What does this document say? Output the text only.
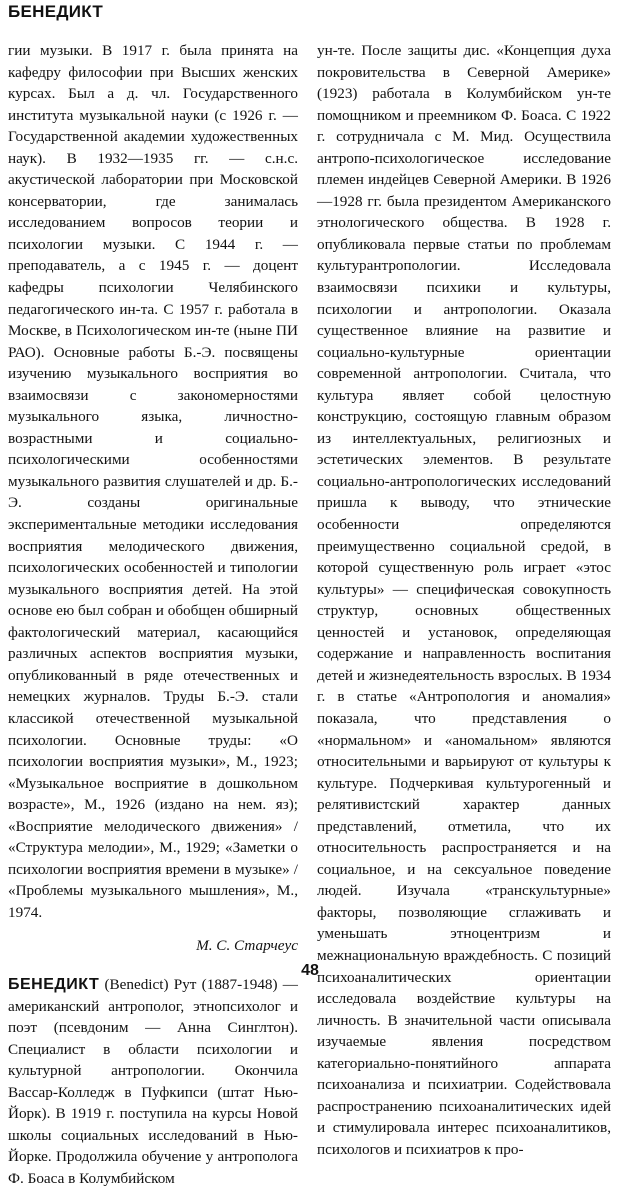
БЕНЕДИКТ

гии музыки. В 1917 г. была принята на кафедру философии при Высших женских курсах. Был а д. чл. Государственного института музыкальной науки (с 1926 г. — Государственной академии художественных наук). В 1932—1935 гг. — с.н.с. акустической лаборатории при Московской консерватории, где занималась исследованием вопросов теории и психологии музыки. С 1944 г. — преподаватель, а с 1945 г. — доцент кафедры психологии Челябинского педагогического ин-та. С 1957 г. работала в Москве, в Психологическом ин-те (ныне ПИ РАО). Основные работы Б.-Э. посвящены изучению музыкального восприятия во взаимосвязи с закономерностями музыкального языка, личностно-возрастными и социально-психологическими особенностями музыкального развития слушателей и др. Б.-Э. созданы оригинальные экспериментальные методики исследования восприятия мелодического движения, психологических особенностей и типологии музыкального восприятия детей. На этой основе ею был собран и обобщен обширный фактологический материал, касающийся различных аспектов восприятия музыки, опубликованный в ряде отечественных и немецких журналов. Труды Б.-Э. стали классикой отечественной музыкальной психологии. Основные труды: «О психологии восприятия музыки», М., 1923; «Музыкальное восприятие в дошкольном возрасте», М., 1926 (издано на нем. яз); «Восприятие мелодического движения» / «Структура мелодии», М., 1929; «Заметки о психологии восприятия времени в музыке» / «Проблемы музыкального мышления», М., 1974.

М. С. Старчеус

БЕНЕДИКТ (Benedict) Рут (1887-1948) — американский антрополог, этнопсихолог и поэт (псевдоним — Анна Синглтон). Специалист в области психологии и культурной антропологии. Окончила Вассар-Колледж в Пуфкипси (штат Нью-Йорк). В 1919 г. поступила на курсы Новой школы социальных исследований в Нью-Йорке. Продолжила обучение у антрополога Ф. Боаса в Колумбийском

ун-те. После защиты дис. «Концепция духа покровительства в Северной Америке» (1923) работала в Колумбийском ун-те помощником и преемником Ф. Боаса. С 1922 г. сотрудничала с М. Мид. Осуществила антропо-психологическое исследование племен индейцев Северной Америки. В 1926—1928 гг. была президентом Американского этнологического общества. В 1928 г. опубликовала первые статьи по проблемам культурантропологии. Исследовала взаимосвязи психики и культуры, психологии и антропологии. Оказала существенное влияние на развитие и социально-культурные ориентации современной антропологии. Считала, что культура являет собой целостную конструкцию, состоящую главным образом из интеллектуальных, религиозных и эстетических элементов. В результате социально-антропологических исследований пришла к выводу, что этнические особенности определяются преимущественно социальной средой, в которой существенную роль играет «этос культуры» — специфическая совокупность структур, основных общественных ценностей и установок, определяющая содержание и направленность воспитания детей и жизнедеятельность взрослых. В 1934 г. в статье «Антропология и аномалия» показала, что представления о «нормальном» и «аномальном» являются относительными и варьируют от культуры к культуре. Подчеркивая культурогенный и релятивистский характер данных представлений, отметила, что их относительность распространяется и на социальное, и на сексуальное поведение людей. Изучала «транскультурные» факторы, позволяющие сглаживать и уменьшать этноцентризм и межнациональную враждебность. С позиций психоаналитических ориентации исследовала воздействие культуры на личность. В значительной части описывала изучаемые явления посредством категориально-понятийного аппарата психоанализа и психиатрии. Содействовала распространению психоаналитических идей и стимулировала интерес психоаналитиков, психологов и психиатров к про-

48
